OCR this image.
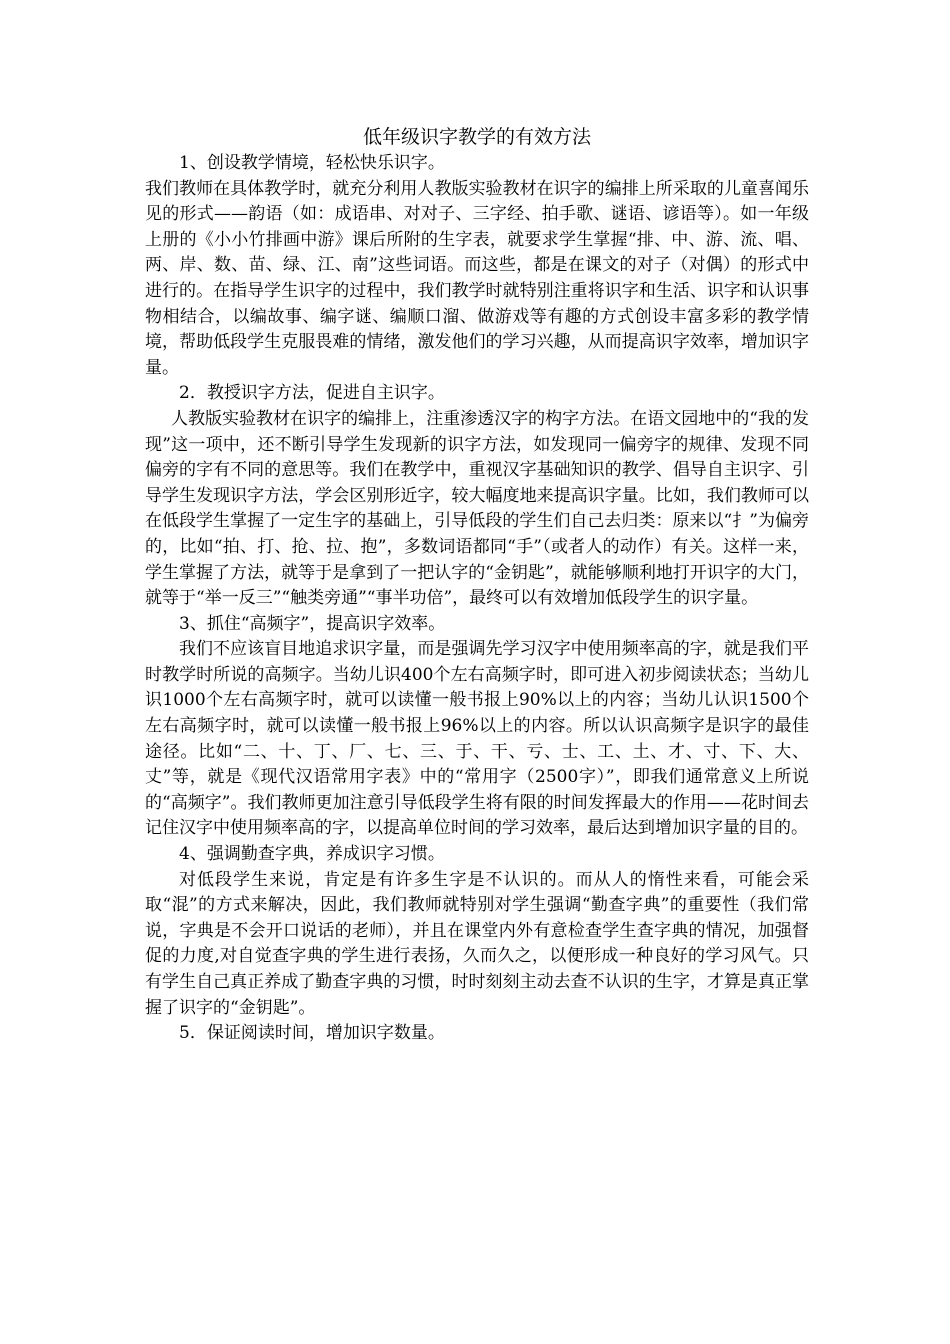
低年级识字教学的有效方法

1、创设教学情境，轻松快乐识字。

我们教师在具体教学时，就充分利用人教版实验教材在识字的编排上所采取的儿童喜闻乐见的形式——韵语（如：成语串、对对子、三字经、拍手歌、谜语、谚语等）。如一年级上册的《小小竹排画中游》课后所附的生字表，就要求学生掌握“排、中、游、流、唱、两、岸、数、苗、绿、江、南”这些词语。而这些，都是在课文的对子（对偶）的形式中进行的。在指导学生识字的过程中，我们教学时就特别注重将识字和生活、识字和认识事物相结合，以编故事、编字谜、编顺口溜、做游戏等有趣的方式创设丰富多彩的教学情境，帮助低段学生克服畏难的情绪，激发他们的学习兴趣，从而提高识字效率，增加识字量。

2．教授识字方法，促进自主识字。

人教版实验教材在识字的编排上，注重渗透汉字的构字方法。在语文园地中的“我的发现”这一项中，还不断引导学生发现新的识字方法，如发现同一偏旁字的规律、发现不同偏旁的字有不同的意思等。我们在教学中，重视汉字基础知识的教学、倡导自主识字、引导学生发现识字方法，学会区别形近字，较大幅度地来提高识字量。比如，我们教师可以在低段学生掌握了一定生字的基础上，引导低段的学生们自己去归类：原来以“扌”为偏旁的，比如“拍、打、抢、拉、抱”，多数词语都同“手”（或者人的动作）有关。这样一来，学生掌握了方法，就等于是拿到了一把认字的“金钥匙”，就能够顺利地打开识字的大门，就等于“举一反三”“触类旁通”“事半功倍”，最终可以有效增加低段学生的识字量。

3、抓住“高频字”，提高识字效率。

我们不应该盲目地追求识字量，而是强调先学习汉字中使用频率高的字，就是我们平时教学时所说的高频字。当幼儿识400个左右高频字时，即可进入初步阅读状态；当幼儿识1000个左右高频字时，就可以读懂一般书报上90%以上的内容；当幼儿认识1500个左右高频字时，就可以读懂一般书报上96%以上的内容。所以认识高频字是识字的最佳途径。比如“二、十、丁、厂、七、三、于、干、亏、士、工、土、才、寸、下、大、丈”等，就是《现代汉语常用字表》中的“常用字（2500字）”，即我们通常意义上所说的“高频字”。我们教师更加注意引导低段学生将有限的时间发挥最大的作用——花时间去记住汉字中使用频率高的字，以提高单位时间的学习效率，最后达到增加识字量的目的。

4、强调勤查字典，养成识字习惯。

对低段学生来说，肯定是有许多生字是不认识的。而从人的惰性来看，可能会采取“混”的方式来解决，因此，我们教师就特别对学生强调“勤查字典”的重要性（我们常说，字典是不会开口说话的老师），并且在课堂内外有意检查学生查字典的情况，加强督促的力度,对自觉查字典的学生进行表扬，久而久之，以便形成一种良好的学习风气。只有学生自己真正养成了勤查字典的习惯，时时刻刻主动去查不认识的生字，才算是真正掌握了识字的“金钥匙”。

5．保证阅读时间，增加识字数量。
